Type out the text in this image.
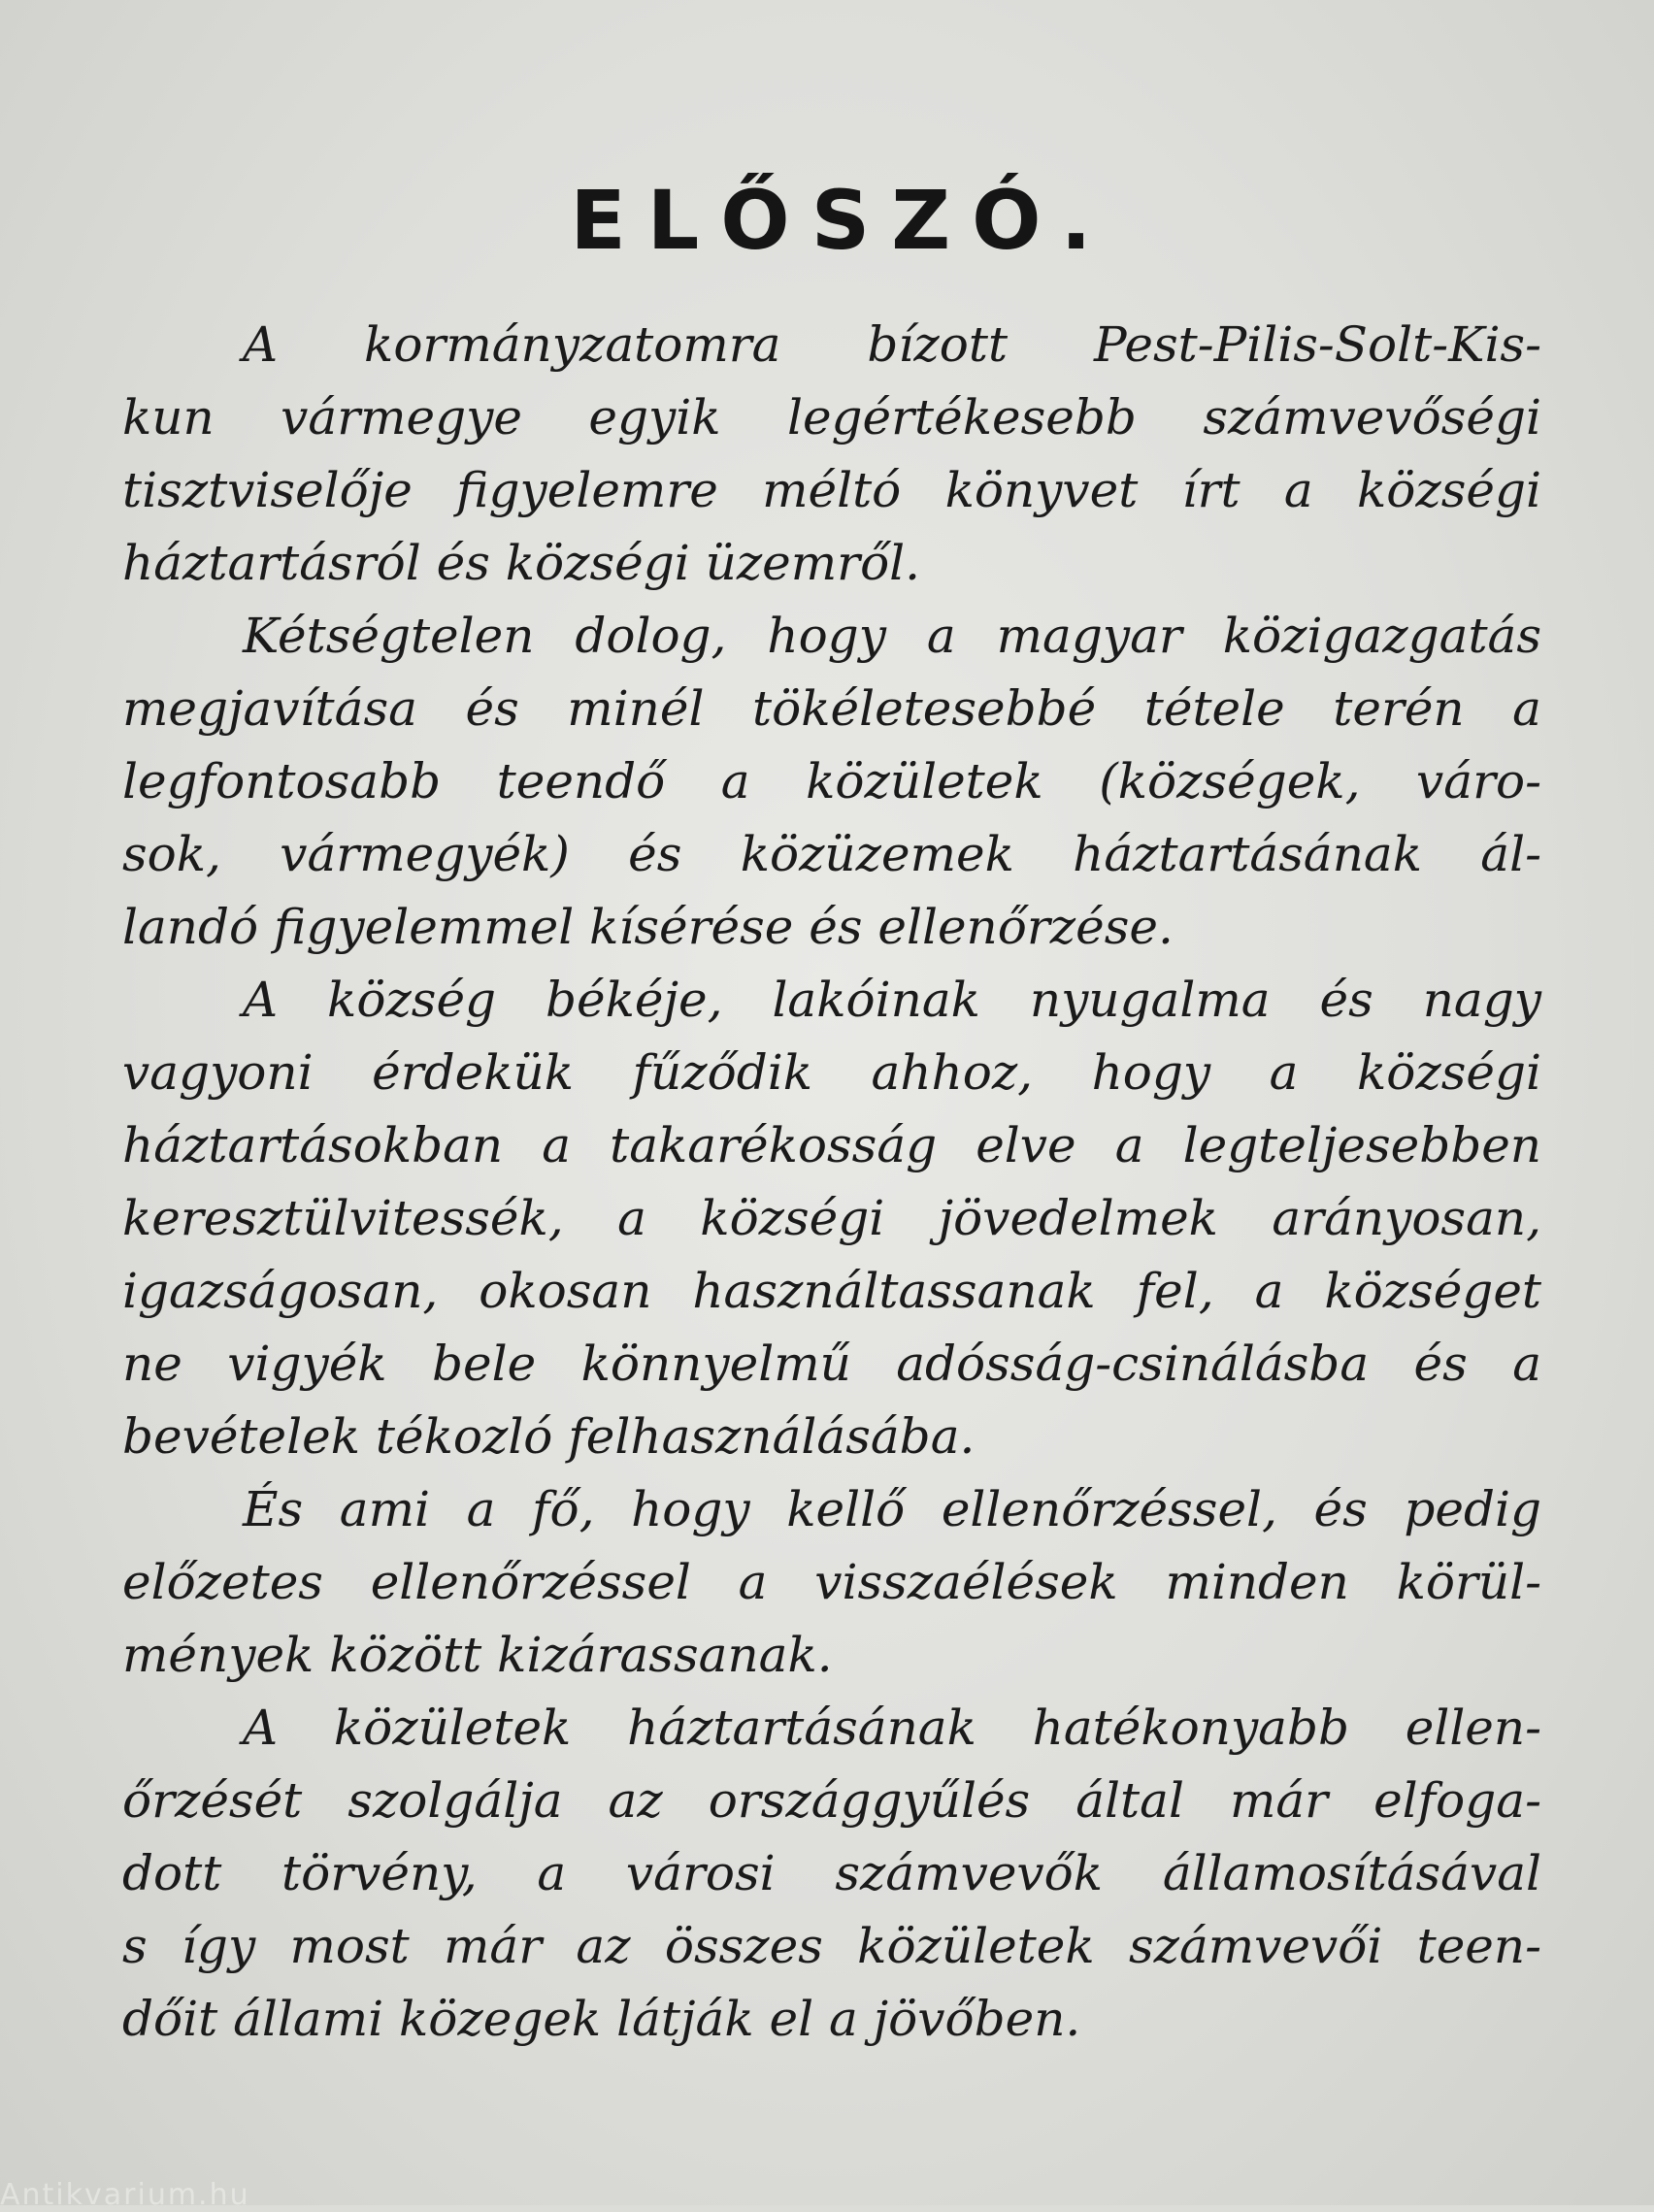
ELŐSZÓ.

A kormányzatomra bízott Pest-Pilis-Solt-Kis-
kun vármegye egyik legértékesebb számvevőségi
tisztviselője figyelemre méltó könyvet írt a községi
háztartásról és községi üzemről.

Kétségtelen dolog, hogy a magyar közigazgatás
megjavítása és minél tökéletesebbé tétele terén a
legfontosabb teendő a közületek (községek, váro-
sok, vármegyék) és közüzemek háztartásának ál-
landó figyelemmel kísérése és ellenőrzése.

A község békéje, lakóinak nyugalma és nagy
vagyoni érdekük fűződik ahhoz, hogy a községi
háztartásokban a takarékosság elve a legteljesebben
keresztülvitessék, a községi jövedelmek arányosan,
igazságosan, okosan használtassanak fel, a községet
ne vigyék bele könnyelmű adósság-csinálásba és a
bevételek tékozló felhasználásába.

És ami a fő, hogy kellő ellenőrzéssel, és pedig
előzetes ellenőrzéssel a visszaélések minden körül-
mények között kizárassanak.

A közületek háztartásának hatékonyabb ellen-
őrzését szolgálja az országgyűlés által már elfoga-
dott törvény, a városi számvevők államosításával
s így most már az összes közületek számvevői teen-
dőit állami közegek látják el a jövőben.

Antikvarium.hu
